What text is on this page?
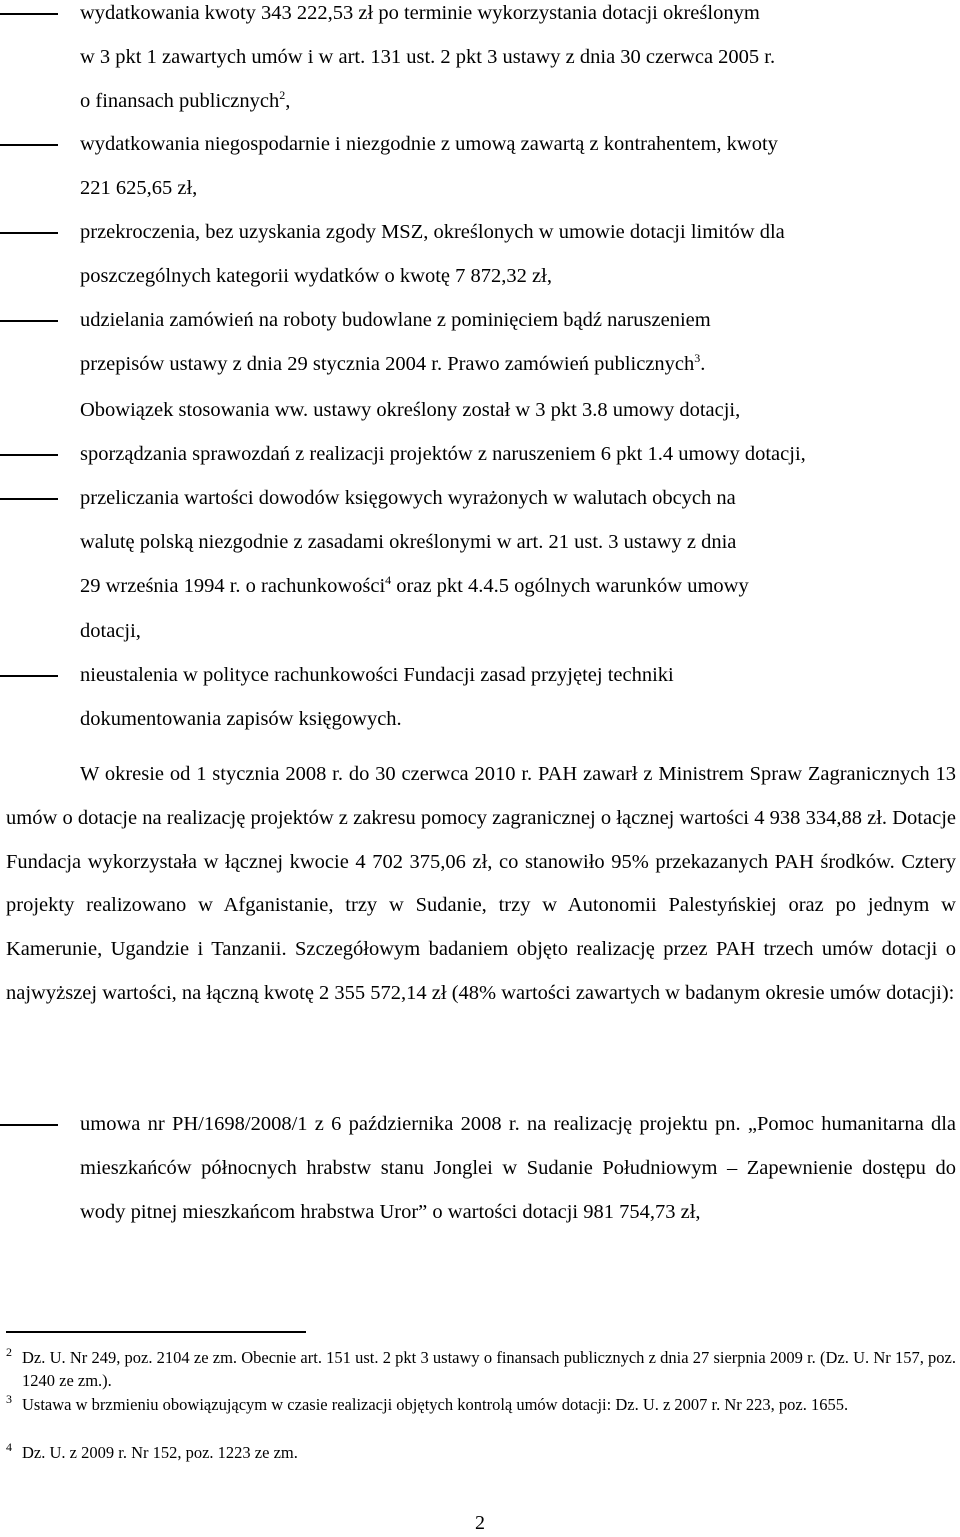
wydatkowania kwoty 343 222,53 zł po terminie wykorzystania dotacji określonym
w 3 pkt 1 zawartych umów i w art. 131 ust. 2 pkt 3 ustawy z dnia 30 czerwca 2005 r.
o finansach publicznych$^2$,
wydatkowania niegospodarnie i niezgodnie z umową zawartą z kontrahentem, kwoty
221 625,65 zł,
przekroczenia, bez uzyskania zgody MSZ, określonych w umowie dotacji limitów dla
poszczególnych kategorii wydatków o kwotę 7 872,32 zł,
udzielania zamówień na roboty budowlane z pominięciem bądź naruszeniem
przepisów ustawy z dnia 29 stycznia 2004 r. Prawo zamówień publicznych$^3$.
Obowiązek stosowania ww. ustawy określony został w 3 pkt 3.8 umowy dotacji,
sporządzania sprawozdań z realizacji projektów z naruszeniem 6 pkt 1.4 umowy dotacji,
przeliczania wartości dowodów księgowych wyrażonych w walutach obcych na
walutę polską niezgodnie z zasadami określonymi w art. 21 ust. 3 ustawy z dnia
29 września 1994 r. o rachunkowości$^4$ oraz pkt 4.4.5 ogólnych warunków umowy
dotacji,
nieustalenia w polityce rachunkowości Fundacji zasad przyjętej techniki
dokumentowania zapisów księgowych.
W okresie od 1 stycznia 2008 r. do 30 czerwca 2010 r. PAH zawarł z Ministrem Spraw Zagranicznych 13 umów o dotacje na realizację projektów z zakresu pomocy zagranicznej o łącznej wartości 4 938 334,88 zł. Dotacje Fundacja wykorzystała w łącznej kwocie 4 702 375,06 zł, co stanowiło 95% przekazanych PAH środków. Cztery projekty realizowano w Afganistanie, trzy w Sudanie, trzy w Autonomii Palestyńskiej oraz po jednym w Kamerunie, Ugandzie i Tanzanii. Szczegółowym badaniem objęto realizację przez PAH trzech umów dotacji o najwyższej wartości, na łączną kwotę 2 355 572,14 zł (48% wartości zawartych w badanym okresie umów dotacji):
umowa nr PH/1698/2008/1 z 6 października 2008 r. na realizację projektu pn. „Pomoc humanitarna dla mieszkańców północnych hrabstw stanu Jonglei w Sudanie Południowym – Zapewnienie dostępu do wody pitnej mieszkańcom hrabstwa Uror” o wartości dotacji 981 754,73 zł,
2 Dz. U. Nr 249, poz. 2104 ze zm. Obecnie art. 151 ust. 2 pkt 3 ustawy o finansach publicznych z dnia 27 sierpnia 2009 r. (Dz. U. Nr 157, poz. 1240 ze zm.).
3 Ustawa w brzmieniu obowiązującym w czasie realizacji objętych kontrolą umów dotacji: Dz. U. z 2007 r. Nr 223, poz. 1655.
4 Dz. U. z 2009 r. Nr 152, poz. 1223 ze zm.
2
